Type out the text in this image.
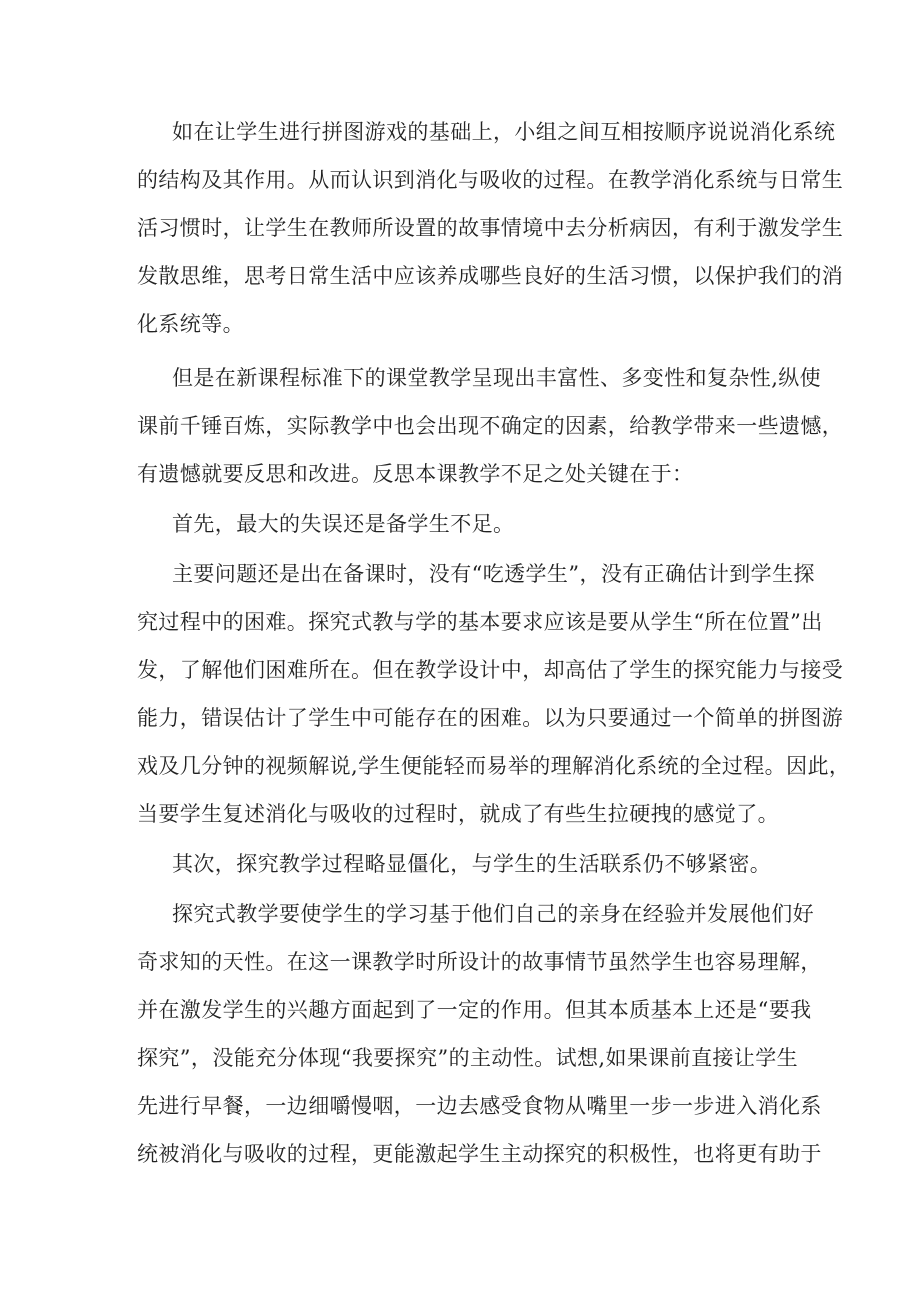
如在让学生进行拼图游戏的基础上，小组之间互相按顺序说说消化系统
的结构及其作用。从而认识到消化与吸收的过程。在教学消化系统与日常生
活习惯时，让学生在教师所设置的故事情境中去分析病因，有利于激发学生
发散思维，思考日常生活中应该养成哪些良好的生活习惯，以保护我们的消
化系统等。
但是在新课程标准下的课堂教学呈现出丰富性、多变性和复杂性,纵使
课前千锤百炼，实际教学中也会出现不确定的因素，给教学带来一些遗憾，
有遗憾就要反思和改进。反思本课教学不足之处关键在于：
首先，最大的失误还是备学生不足。
主要问题还是出在备课时，没有“吃透学生”，没有正确估计到学生探
究过程中的困难。探究式教与学的基本要求应该是要从学生“所在位置”出
发，了解他们困难所在。但在教学设计中，却高估了学生的探究能力与接受
能力，错误估计了学生中可能存在的困难。以为只要通过一个简单的拼图游
戏及几分钟的视频解说,学生便能轻而易举的理解消化系统的全过程。因此，
当要学生复述消化与吸收的过程时，就成了有些生拉硬拽的感觉了。
其次，探究教学过程略显僵化，与学生的生活联系仍不够紧密。
探究式教学要使学生的学习基于他们自己的亲身在经验并发展他们好
奇求知的天性。在这一课教学时所设计的故事情节虽然学生也容易理解，
并在激发学生的兴趣方面起到了一定的作用。但其本质基本上还是“要我
探究”，没能充分体现“我要探究”的主动性。试想,如果课前直接让学生
先进行早餐，一边细嚼慢咽，一边去感受食物从嘴里一步一步进入消化系
统被消化与吸收的过程，更能激起学生主动探究的积极性，也将更有助于
